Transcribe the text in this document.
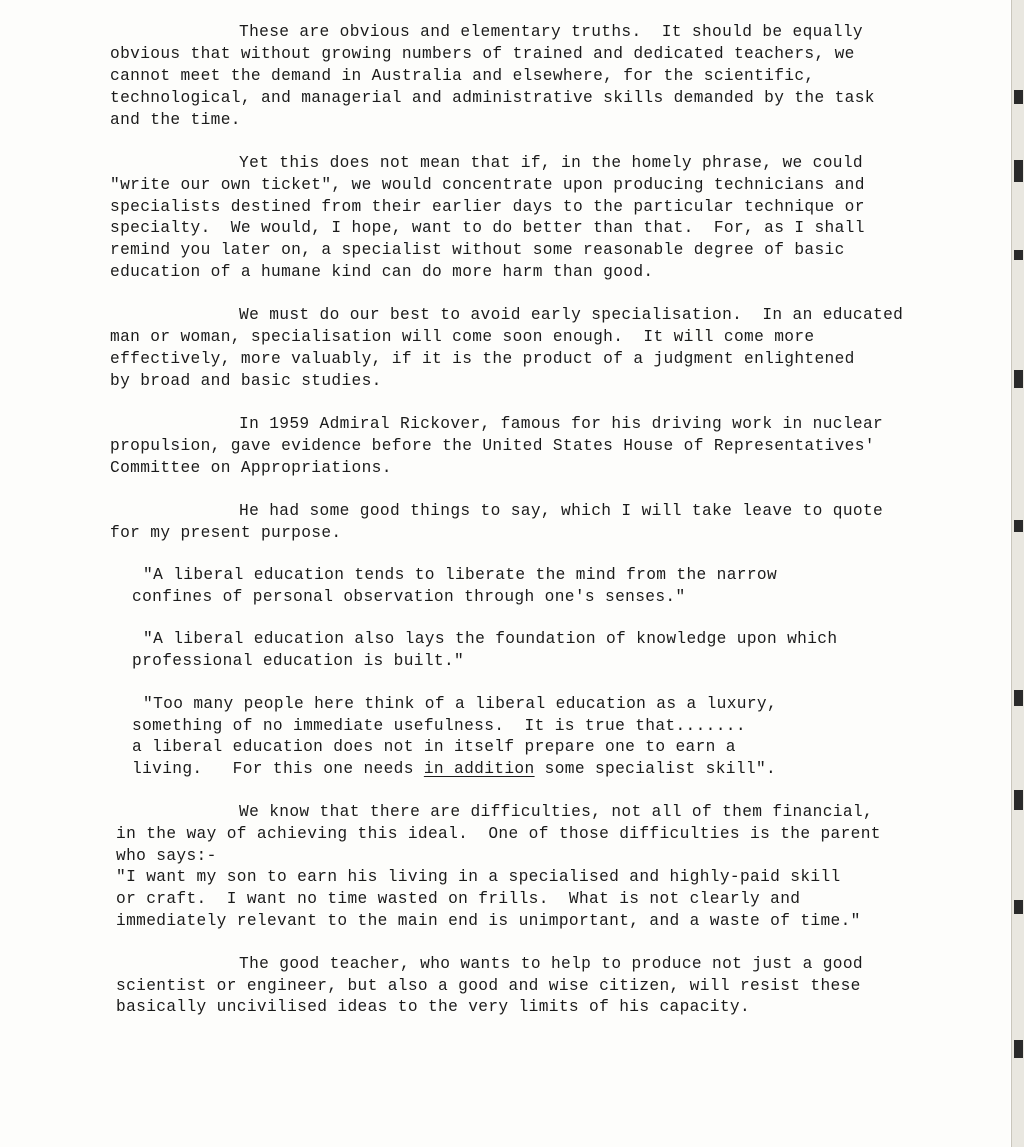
These are obvious and elementary truths.  It should be equally
obvious that without growing numbers of trained and dedicated teachers, we
cannot meet the demand in Australia and elsewhere, for the scientific,
technological, and managerial and administrative skills demanded by the task
and the time.
Yet this does not mean that if, in the homely phrase, we could
"write our own ticket", we would concentrate upon producing technicians and
specialists destined from their earlier days to the particular technique or
specialty.  We would, I hope, want to do better than that.  For, as I shall
remind you later on, a specialist without some reasonable degree of basic
education of a humane kind can do more harm than good.
We must do our best to avoid early specialisation.  In an educated
man or woman, specialisation will come soon enough.  It will come more
effectively, more valuably, if it is the product of a judgment enlightened
by broad and basic studies.
In 1959 Admiral Rickover, famous for his driving work in nuclear
propulsion, gave evidence before the United States House of Representatives'
Committee on Appropriations.
He had some good things to say, which I will take leave to quote
for my present purpose.
"A liberal education tends to liberate the mind from the narrow
confines of personal observation through one's senses."
"A liberal education also lays the foundation of knowledge upon which
professional education is built."
"Too many people here think of a liberal education as a luxury,
something of no immediate usefulness.  It is true that.......
a liberal education does not in itself prepare one to earn a
living.   For this one needs in addition some specialist skill".
We know that there are difficulties, not all of them financial,
in the way of achieving this ideal.  One of those difficulties is the parent
who says:-
"I want my son to earn his living in a specialised and highly-paid skill
or craft.  I want no time wasted on frills.  What is not clearly and
immediately relevant to the main end is unimportant, and a waste of time."
The good teacher, who wants to help to produce not just a good
scientist or engineer, but also a good and wise citizen, will resist these
basically uncivilised ideas to the very limits of his capacity.
